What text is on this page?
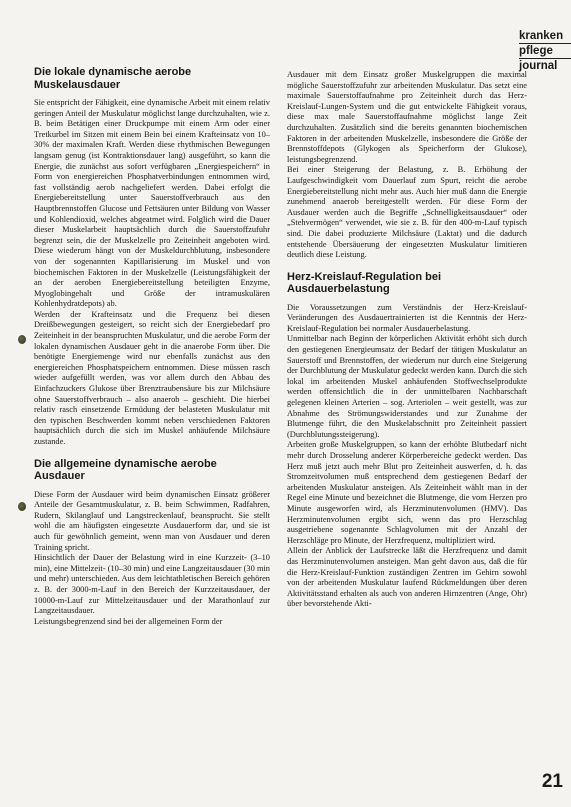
kranken
pflege
journal
Die lokale dynamische aerobe Muskelausdauer

Sie entspricht der Fähigkeit, eine dynamische Arbeit mit einem relativ geringen Anteil der Muskulatur möglichst lange durchzuhalten, wie z. B. beim Betätigen einer Druckpumpe mit einem Arm oder einer Tretkurbel im Sitzen mit einem Bein bei einem Krafteinsatz von 10–30% der maximalen Kraft. Werden diese rhythmischen Bewegungen langsam genug (ist Kontraktionsdauer lang) ausgeführt, so kann die Energie, die zunächst aus sofort verfügbaren „Energiespeichern“ in Form von energiereichen Phosphatverbindungen entnommen wird, fast vollständig aerob nachgeliefert werden. Dabei erfolgt die Energiebereitstellung unter Sauerstoffverbrauch aus den Hauptbrennstoffen Glucose und Fettsäuren unter Bildung von Wasser und Kohlendioxid, welches abgeatmet wird. Folglich wird die Dauer dieser Muskelarbeit hauptsächlich durch die Sauerstoffzufuhr begrenzt sein, die der Muskelzelle pro Zeiteinheit angeboten wird. Diese wiederum hängt von der Muskeldurchblutung, insbesondere von der sogenannten Kapillarisierung im Muskel und von biochemischen Faktoren in der Muskelzelle (Leistungsfähigkeit der an der aeroben Energiebereitstellung beteiligten Enzyme, Myoglobingehalt und Größe der intramuskulären Kohlenhydratdepots) ab.

Werden der Krafteinsatz und die Frequenz bei diesen Dreißbewegungen gesteigert, so reicht sich der Energiebedarf pro Zeiteinheit in der beanspruchten Muskulatur, und die aerobe Form der lokalen dynamischen Ausdauer geht in die anaerobe Form über. Die benötigte Energiemenge wird nur ebenfalls zunächst aus den energiereichen Phosphatspeichern entnommen. Diese müssen rasch wieder aufgefüllt werden, was vor allem durch den Abbau des Einfachzuckers Glukose über Brenztraubensäure bis zur Milchsäure ohne Sauerstoffverbrauch – also anaerob – geschieht. Die hierbei relativ rasch einsetzende Ermüdung der belasteten Muskulatur mit den typischen Beschwerden kommt neben verschiedenen Faktoren hauptsächlich durch die sich im Muskel anhäufende Milchsäure zustande.

Die allgemeine dynamische aerobe Ausdauer

Diese Form der Ausdauer wird beim dynamischen Einsatz größerer Anteile der Gesamtmuskulatur, z. B. beim Schwimmen, Radfahren, Rudern, Skilanglauf und Langstreckenlauf, beansprucht. Sie stellt wohl die am häufigsten eingesetzte Ausdauerform dar, und sie ist auch für gewöhnlich gemeint, wenn man von Ausdauer und deren Training spricht.

Hinsichtlich der Dauer der Belastung wird in eine Kurzzeit- (3–10 min), eine Mittelzeit- (10–30 min) und eine Langzeitausdauer (30 min und mehr) unterschieden. Aus dem leichtathletischen Bereich gehören z. B. der 3000-m-Lauf in den Bereich der Kurzzeitausdauer, der 10000-m-Lauf zur Mittelzeitausdauer und der Marathonlauf zur Langzeitausdauer.

Leistungsbegrenzend sind bei der allgemeinen Form der

Ausdauer mit dem Einsatz großer Muskelgruppen die maximal mögliche Sauerstoffzufuhr zur arbeitenden Muskulatur. Das setzt eine maximale Sauerstoffaufnahme pro Zeiteinheit durch das Herz-Kreislauf-Lungen-System und die gut entwickelte Fähigkeit voraus, diese max male Sauerstoffaufnahme möglichst lange Zeit durchzuhalten. Zusätzlich sind die bereits genannten biochemischen Faktoren in der arbeitenden Muskelzelle, insbesondere die Größe der Brennstoffdepots (Glykogen als Speicherform der Glukose), leistungsbegrenzend.

Bei einer Steigerung der Belastung, z. B. Erhöhung der Laufgeschwindigkeit vom Dauerlauf zum Spurt, reicht die aerobe Energiebereitstellung nicht mehr aus. Auch hier muß dann die Energie zunehmend anaerob bereitgestellt werden. Für diese Form der Ausdauer werden auch die Begriffe „Schnelligkeitsausdauer“ oder „Stehvermögen“ verwendet, wie sie z. B. für den 400-m-Lauf typisch sind. Die dabei produzierte Milchsäure (Laktat) und die dadurch entstehende Übersäuerung der eingesetzten Muskulatur limitieren deutlich diese Leistung.

Herz-Kreislauf-Regulation bei Ausdauerbelastung

Die Voraussetzungen zum Verständnis der Herz-Kreislauf-Veränderungen des Ausdauertrainierten ist die Kenntnis der Herz-Kreislauf-Regulation bei normaler Ausdauerbelastung.

Unmittelbar nach Beginn der körperlichen Aktivität erhöht sich durch den gestiegenen Energieumsatz der Bedarf der tätigen Muskulatur an Sauerstoff und Brennstoffen, der wiederum nur durch eine Steigerung der Durchblutung der Muskulatur gedeckt werden kann. Durch die sich lokal im arbeitenden Muskel anhäufenden Stoffwechselprodukte werden offensichtlich die in der unmittelbaren Nachbarschaft gelegenen kleinen Arterien – sog. Arteriolen – weit gestellt, was zur Abnahme des Strömungswiderstandes und zur Zunahme der Blutmenge führt, die den Muskelabschnitt pro Zeiteinheit passiert (Durchblutungssteigerung).

Arbeiten große Muskelgruppen, so kann der erhöhte Blutbedarf nicht mehr durch Drosselung anderer Körperbereiche gedeckt werden. Das Herz muß jetzt auch mehr Blut pro Zeiteinheit auswerfen, d. h. das Stromzeitvolumen muß entsprechend dem gestiegenen Bedarf der arbeitenden Muskulatur ansteigen. Als Zeiteinheit wählt man in der Regel eine Minute und bezeichnet die Blutmenge, die vom Herzen pro Minute ausgeworfen wird, als Herzminutenvolumen (HMV). Das Herzminutenvolumen ergibt sich, wenn das pro Herzschlag ausgetriebene sogenannte Schlagvolumen mit der Anzahl der Herzschläge pro Minute, der Herzfrequenz, multipliziert wird.

Allein der Anblick der Laufstrecke läßt die Herzfrequenz und damit das Herzminutenvolumen ansteigen. Man geht davon aus, daß die für die Herz-Kreislauf-Funktion zuständigen Zentren im Gehirn sowohl von der arbeitenden Muskulatur laufend Rückmeldungen über deren Aktivitätsstand erhalten als auch von anderen Hirnzentren (Ange, Ohr) über bevorstehende Akti-

21
